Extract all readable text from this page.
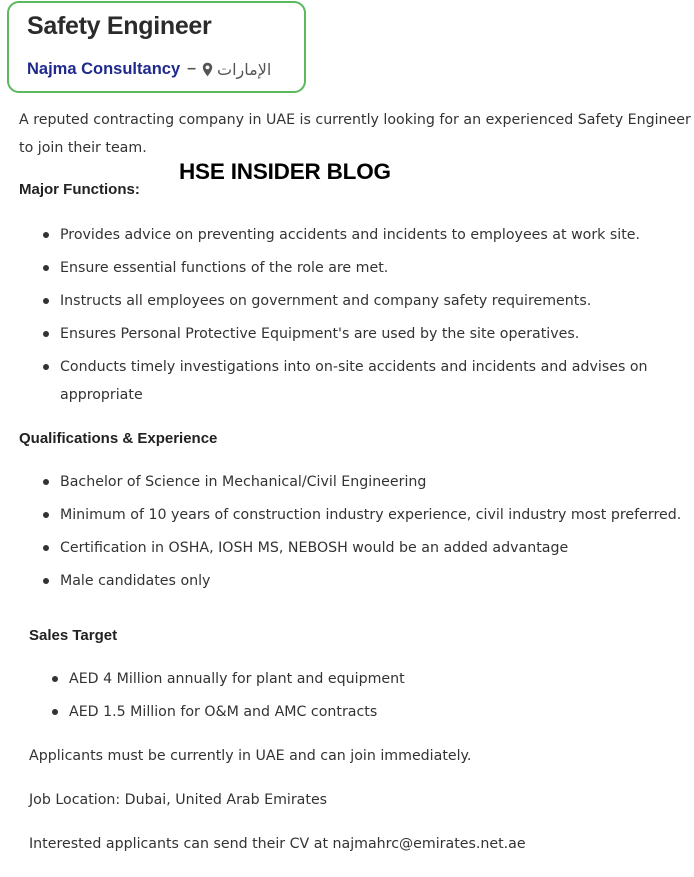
Safety Engineer
Najma Consultancy – الإمارات
A reputed contracting company in UAE is currently looking for an experienced Safety Engineer
to join their team.
HSE INSIDER BLOG
Major Functions:
Provides advice on preventing accidents and incidents to employees at work site.
Ensure essential functions of the role are met.
Instructs all employees on government and company safety requirements.
Ensures Personal Protective Equipment's are used by the site operatives.
Conducts timely investigations into on-site accidents and incidents and advises on
appropriate
Qualifications & Experience
Bachelor of Science in Mechanical/Civil Engineering
Minimum of 10 years of construction industry experience, civil industry most preferred.
Certification in OSHA, IOSH MS, NEBOSH would be an added advantage
Male candidates only
Sales Target
AED 4 Million annually for plant and equipment
AED 1.5 Million for O&M and AMC contracts
Applicants must be currently in UAE and can join immediately.
Job Location: Dubai, United Arab Emirates
Interested applicants can send their CV at najmahrc@emirates.net.ae
